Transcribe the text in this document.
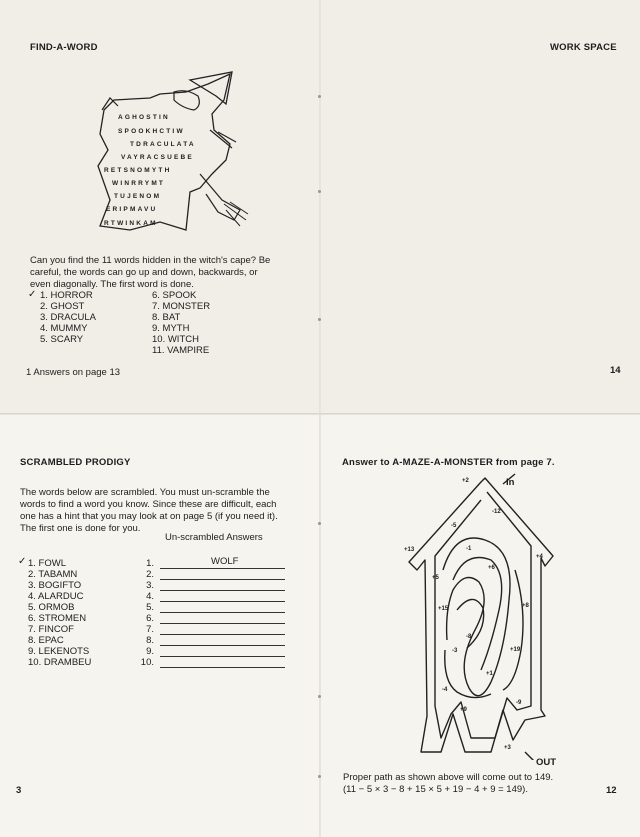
FIND-A-WORD
AGHOSTIN
SPOOKHCTIW
TDRACULATA
VAYRACSUEBE
RETSNOMYTH
WINRRYMT
TUJENOM
ERIPMAVU
RTWINKAM
Can you find the 11 words hidden in the witch's cape? Be careful, the words can go up and down, backwards, or even diagonally. The first word is done.
✓ 1. HORROR
2. GHOST
3. DRACULA
4. MUMMY
5. SCARY
6. SPOOK
7. MONSTER
8. BAT
9. MYTH
10. WITCH
11. VAMPIRE
1 Answers on page 13
WORK SPACE
14
SCRAMBLED PRODIGY
The words below are scrambled. You must un-scramble the words to find a word you know. Since these are difficult, each one has a hint that you may look at on page 5 (if you need it). The first one is done for you.
Un-scrambled Answers
✓ 1. FOWL
2. TABAMN
3. BOGIFTO
4. ALARDUC
5. ORMOB
6. STROMEN
7. FINCOF
8. EPAC
9. LEKENOTS
10. DRAMBEU
1.
2.
3.
4.
5.
6.
7.
8.
9.
10.
WOLF
3
Answer to A-MAZE-A-MONSTER from page 7.
+2
-12
+13
+4
+8
-5
-1
+5
+6
+19
+15
-8
-3
-4
+1
-9
+9
+3
In
OUT
Proper path as shown above will come out to 149.
(11 − 5 × 3 − 8 + 15 × 5 + 19 − 4 + 9 = 149).	12
